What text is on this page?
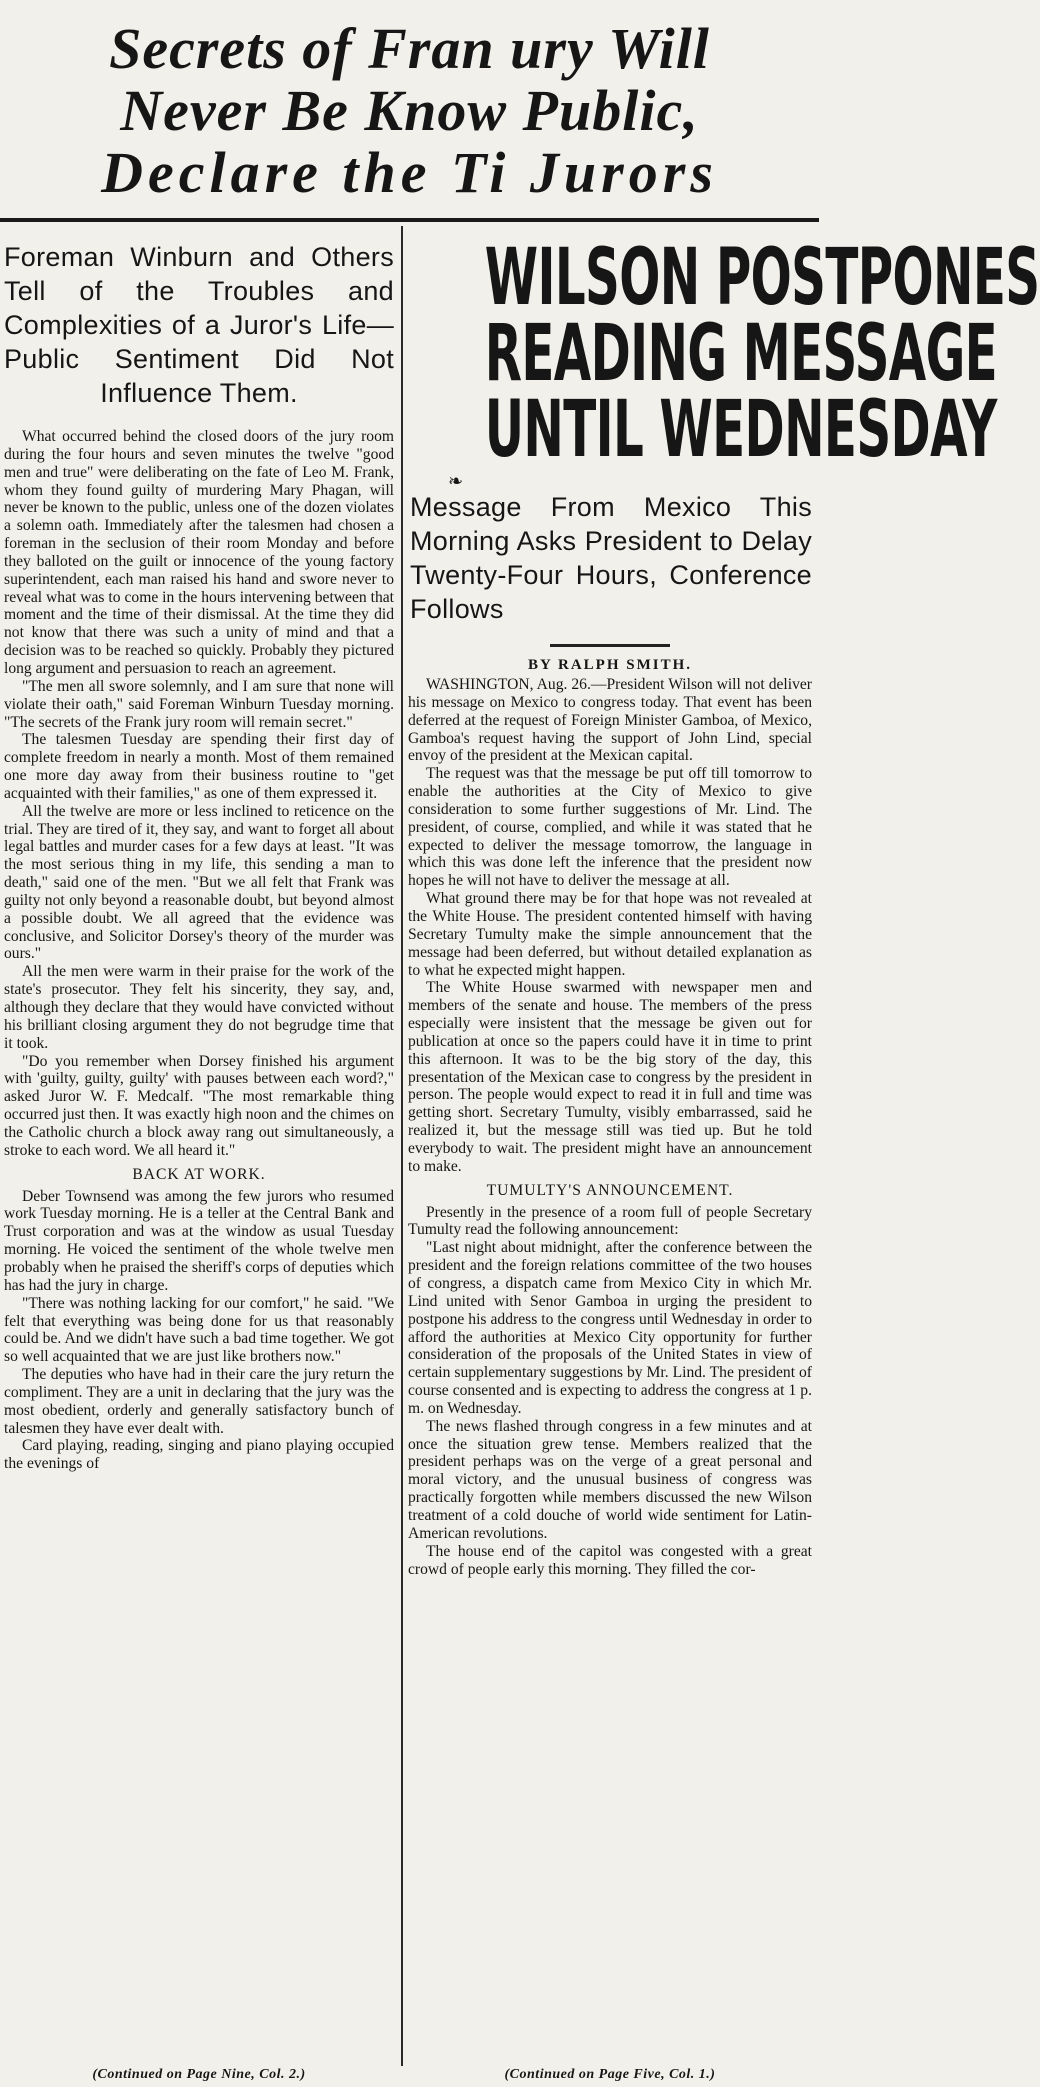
Secrets of Fran ury Will
Never Be Know Public,
Declare the Ti Jurors
Foreman Winburn and Others Tell of the Troubles and Complexities of a Juror's Life—Public Sentiment Did Not Influence Them.

What occurred behind the closed doors of the jury room during the four hours and seven minutes the twelve "good men and true" were deliberating on the fate of Leo M. Frank, whom they found guilty of murdering Mary Phagan, will never be known to the public, unless one of the dozen violates a solemn oath. Immediately after the talesmen had chosen a foreman in the seclusion of their room Monday and before they balloted on the guilt or innocence of the young factory superintendent, each man raised his hand and swore never to reveal what was to come in the hours intervening between that moment and the time of their dismissal. At the time they did not know that there was such a unity of mind and that a decision was to be reached so quickly. Probably they pictured long argument and persuasion to reach an agreement.

"The men all swore solemnly, and I am sure that none will violate their oath," said Foreman Winburn Tuesday morning. "The secrets of the Frank jury room will remain secret."

The talesmen Tuesday are spending their first day of complete freedom in nearly a month. Most of them remained one more day away from their business routine to "get acquainted with their families," as one of them expressed it.

All the twelve are more or less inclined to reticence on the trial. They are tired of it, they say, and want to forget all about legal battles and murder cases for a few days at least. "It was the most serious thing in my life, this sending a man to death," said one of the men. "But we all felt that Frank was guilty not only beyond a reasonable doubt, but beyond almost a possible doubt. We all agreed that the evidence was conclusive, and Solicitor Dorsey's theory of the murder was ours."

All the men were warm in their praise for the work of the state's prosecutor. They felt his sincerity, they say, and, although they declare that they would have convicted without his brilliant closing argument they do not begrudge time that it took.

"Do you remember when Dorsey finished his argument with 'guilty, guilty, guilty' with pauses between each word?," asked Juror W. F. Medcalf. "The most remarkable thing occurred just then. It was exactly high noon and the chimes on the Catholic church a block away rang out simultaneously, a stroke to each word. We all heard it."

BACK AT WORK.

Deber Townsend was among the few jurors who resumed work Tuesday morning. He is a teller at the Central Bank and Trust corporation and was at the window as usual Tuesday morning. He voiced the sentiment of the whole twelve men probably when he praised the sheriff's corps of deputies which has had the jury in charge.

"There was nothing lacking for our comfort," he said. "We felt that everything was being done for us that reasonably could be. And we didn't have such a bad time together. We got so well acquainted that we are just like brothers now."

The deputies who have had in their care the jury return the compliment. They are a unit in declaring that the jury was the most obedient, orderly and generally satisfactory bunch of talesmen they have ever dealt with.

Card playing, reading, singing and piano playing occupied the evenings of

WILSON POSTPONES
READING MESSAGE
UNTIL WEDNESDAY
❧
Message From Mexico This Morning Asks President to Delay Twenty-Four Hours, Conference Follows
BY RALPH SMITH.

WASHINGTON, Aug. 26.—President Wilson will not deliver his message on Mexico to congress today. That event has been deferred at the request of Foreign Minister Gamboa, of Mexico, Gamboa's request having the support of John Lind, special envoy of the president at the Mexican capital.

The request was that the message be put off till tomorrow to enable the authorities at the City of Mexico to give consideration to some further suggestions of Mr. Lind. The president, of course, complied, and while it was stated that he expected to deliver the message tomorrow, the language in which this was done left the inference that the president now hopes he will not have to deliver the message at all.

What ground there may be for that hope was not revealed at the White House. The president contented himself with having Secretary Tumulty make the simple announcement that the message had been deferred, but without detailed explanation as to what he expected might happen.

The White House swarmed with newspaper men and members of the senate and house. The members of the press especially were insistent that the message be given out for publication at once so the papers could have it in time to print this afternoon. It was to be the big story of the day, this presentation of the Mexican case to congress by the president in person. The people would expect to read it in full and time was getting short. Secretary Tumulty, visibly embarrassed, said he realized it, but the message still was tied up. But he told everybody to wait. The president might have an announcement to make.

TUMULTY'S ANNOUNCEMENT.

Presently in the presence of a room full of people Secretary Tumulty read the following announcement:

"Last night about midnight, after the conference between the president and the foreign relations committee of the two houses of congress, a dispatch came from Mexico City in which Mr. Lind united with Senor Gamboa in urging the president to postpone his address to the congress until Wednesday in order to afford the authorities at Mexico City opportunity for further consideration of the proposals of the United States in view of certain supplementary suggestions by Mr. Lind. The president of course consented and is expecting to address the congress at 1 p. m. on Wednesday.

The news flashed through congress in a few minutes and at once the situation grew tense. Members realized that the president perhaps was on the verge of a great personal and moral victory, and the unusual business of congress was practically forgotten while members discussed the new Wilson treatment of a cold douche of world wide sentiment for Latin-American revolutions.

The house end of the capitol was congested with a great crowd of people early this morning. They filled the cor-

(Continued on Page Nine, Col. 2.)	(Continued on Page Five, Col. 1.)
